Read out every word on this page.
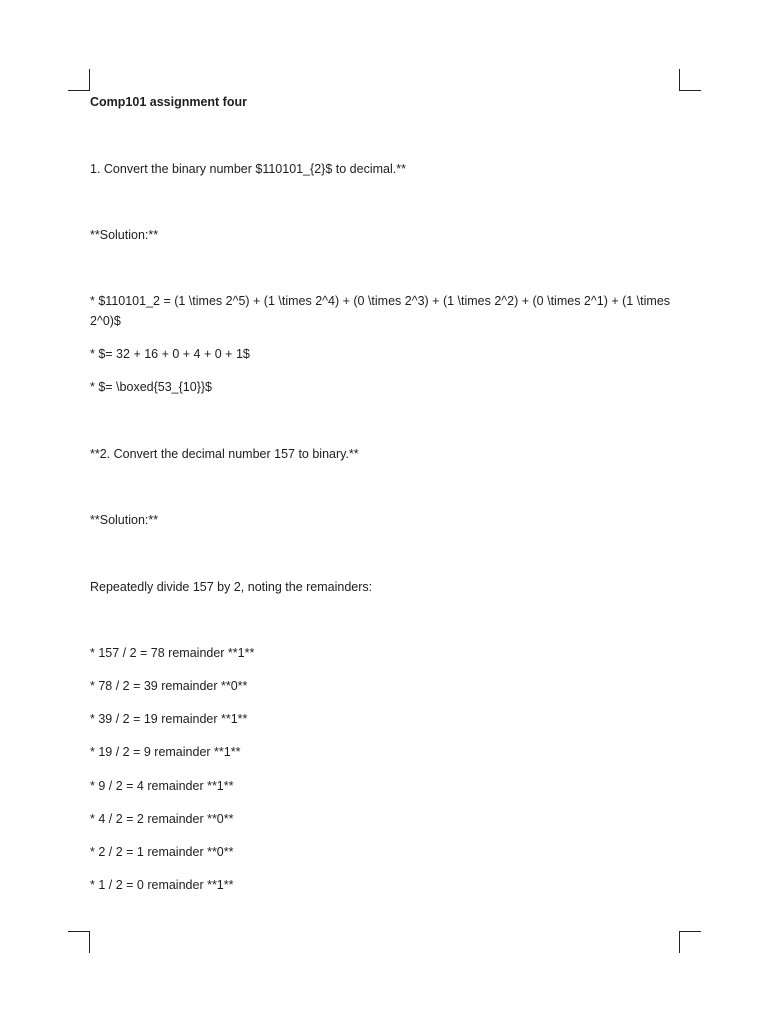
Comp101 assignment four

1. Convert the binary number $110101_{2}$ to decimal.**

**Solution:**

* $110101_2 = (1 \times 2^5) + (1 \times 2^4) + (0 \times 2^3) + (1 \times 2^2) + (0 \times 2^1) + (1 \times 2^0)$

* $= 32 + 16 + 0 + 4 + 0 + 1$

* $= \boxed{53_{10}}$

**2. Convert the decimal number 157 to binary.**

**Solution:**

Repeatedly divide 157 by 2, noting the remainders:

* 157 / 2 = 78 remainder **1**

* 78 / 2 = 39 remainder **0**

* 39 / 2 = 19 remainder **1**

* 19 / 2 = 9 remainder **1**

* 9 / 2 = 4 remainder **1**

* 4 / 2 = 2 remainder **0**

* 2 / 2 = 1 remainder **0**

* 1 / 2 = 0 remainder **1**
